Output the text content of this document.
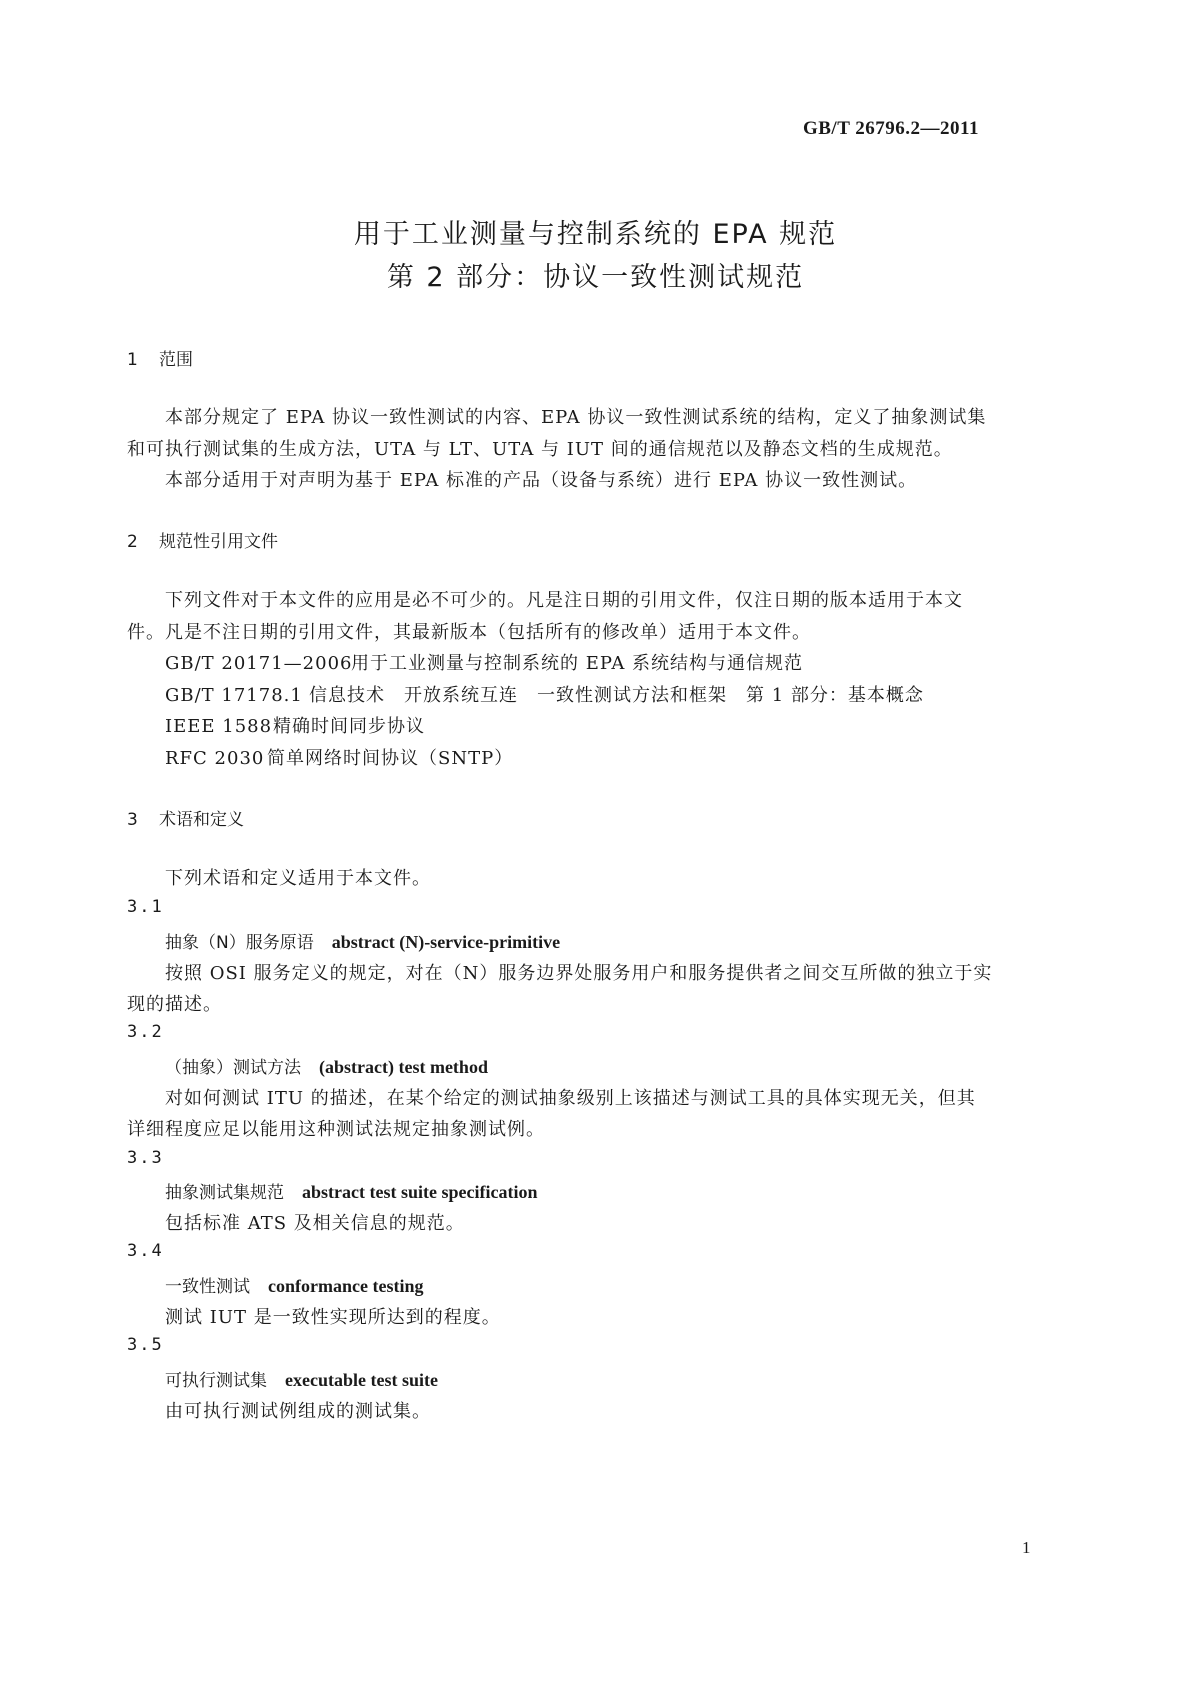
GB/T 26796.2—2011
用于工业测量与控制系统的 EPA 规范
第 2 部分：协议一致性测试规范
1 范围
本部分规定了 EPA 协议一致性测试的内容、EPA 协议一致性测试系统的结构，定义了抽象测试集
和可执行测试集的生成方法，UTA 与 LT、UTA 与 IUT 间的通信规范以及静态文档的生成规范。
本部分适用于对声明为基于 EPA 标准的产品（设备与系统）进行 EPA 协议一致性测试。
2 规范性引用文件
下列文件对于本文件的应用是必不可少的。凡是注日期的引用文件，仅注日期的版本适用于本文
件。凡是不注日期的引用文件，其最新版本（包括所有的修改单）适用于本文件。
GB/T 20171—2006用于工业测量与控制系统的 EPA 系统结构与通信规范
GB/T 17178.1 信息技术　开放系统互连　一致性测试方法和框架　第 1 部分：基本概念
IEEE 1588精确时间同步协议
RFC 2030 简单网络时间协议（SNTP）
3 术语和定义
下列术语和定义适用于本文件。
3.1
抽象（N）服务原语 abstract (N)-service-primitive
按照 OSI 服务定义的规定，对在（N）服务边界处服务用户和服务提供者之间交互所做的独立于实
现的描述。
3.2
（抽象）测试方法 (abstract) test method
对如何测试 ITU 的描述，在某个给定的测试抽象级别上该描述与测试工具的具体实现无关，但其
详细程度应足以能用这种测试法规定抽象测试例。
3.3
抽象测试集规范 abstract test suite specification
包括标准 ATS 及相关信息的规范。
3.4
一致性测试 conformance testing
测试 IUT 是一致性实现所达到的程度。
3.5
可执行测试集 executable test suite
由可执行测试例组成的测试集。
1
